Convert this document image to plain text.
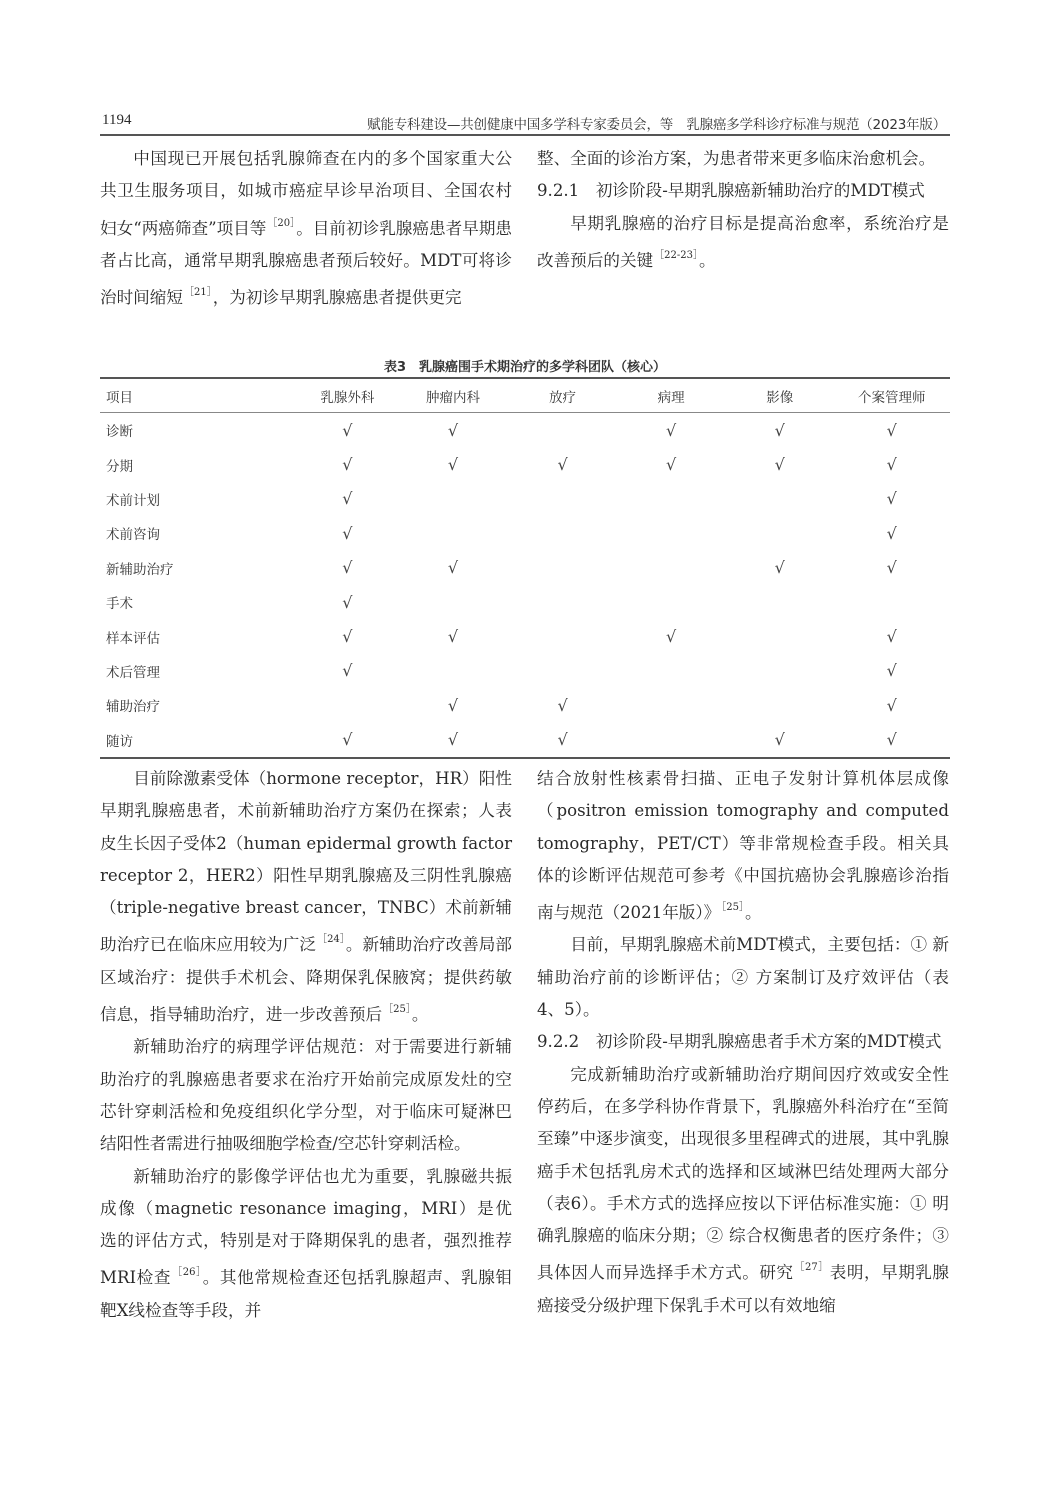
1194	赋能专科建设—共创健康中国多学科专家委员会，等　乳腺癌多学科诊疗标准与规范（2023年版）

中国现已开展包括乳腺筛查在内的多个国家重大公共卫生服务项目，如城市癌症早诊早治项目、全国农村妇女“两癌筛查”项目等$^{[20]}$。目前初诊乳腺癌患者早期患者占比高，通常早期乳腺癌患者预后较好。MDT可将诊治时间缩短$^{[21]}$，为初诊早期乳腺癌患者提供更完

整、全面的诊治方案，为患者带来更多临床治愈机会。

9.2.1　初诊阶段-早期乳腺癌新辅助治疗的MDT模式

早期乳腺癌的治疗目标是提高治愈率，系统治疗是改善预后的关键$^{[22-23]}$。

表3　乳腺癌围手术期治疗的多学科团队（核心）
项目	乳腺外科	肿瘤内科	放疗	病理	影像	个案管理师
诊断	√	√		√	√	√
分期	√	√	√	√	√	√
术前计划	√					√
术前咨询	√					√
新辅助治疗	√	√			√	√
手术	√					
样本评估	√	√		√		√
术后管理	√					√
辅助治疗		√	√			√
随访	√	√	√		√	√

目前除激素受体（hormone receptor，HR）阳性早期乳腺癌患者，术前新辅助治疗方案仍在探索；人表皮生长因子受体2（human epidermal growth factor receptor 2，HER2）阳性早期乳腺癌及三阴性乳腺癌（triple-negative breast cancer，TNBC）术前新辅助治疗已在临床应用较为广泛$^{[24]}$。新辅助治疗改善局部区域治疗：提供手术机会、降期保乳保腋窝；提供药敏信息，指导辅助治疗，进一步改善预后$^{[25]}$。

新辅助治疗的病理学评估规范：对于需要进行新辅助治疗的乳腺癌患者要求在治疗开始前完成原发灶的空芯针穿刺活检和免疫组织化学分型，对于临床可疑淋巴结阳性者需进行抽吸细胞学检查/空芯针穿刺活检。

新辅助治疗的影像学评估也尤为重要，乳腺磁共振成像（magnetic resonance imaging，MRI）是优选的评估方式，特别是对于降期保乳的患者，强烈推荐MRI检查$^{[26]}$。其他常规检查还包括乳腺超声、乳腺钼靶X线检查等手段，并

结合放射性核素骨扫描、正电子发射计算机体层成像（positron emission tomography and computed tomography，PET/CT）等非常规检查手段。相关具体的诊断评估规范可参考《中国抗癌协会乳腺癌诊治指南与规范（2021年版）》$^{[25]}$。

目前，早期乳腺癌术前MDT模式，主要包括：① 新辅助治疗前的诊断评估；② 方案制订及疗效评估（表4、5）。

9.2.2　初诊阶段-早期乳腺癌患者手术方案的MDT模式

完成新辅助治疗或新辅助治疗期间因疗效或安全性停药后，在多学科协作背景下，乳腺癌外科治疗在“至简至臻”中逐步演变，出现很多里程碑式的进展，其中乳腺癌手术包括乳房术式的选择和区域淋巴结处理两大部分（表6）。手术方式的选择应按以下评估标准实施：① 明确乳腺癌的临床分期；② 综合权衡患者的医疗条件；③ 具体因人而异选择手术方式。研究$^{[27]}$表明，早期乳腺癌接受分级护理下保乳手术可以有效地缩
